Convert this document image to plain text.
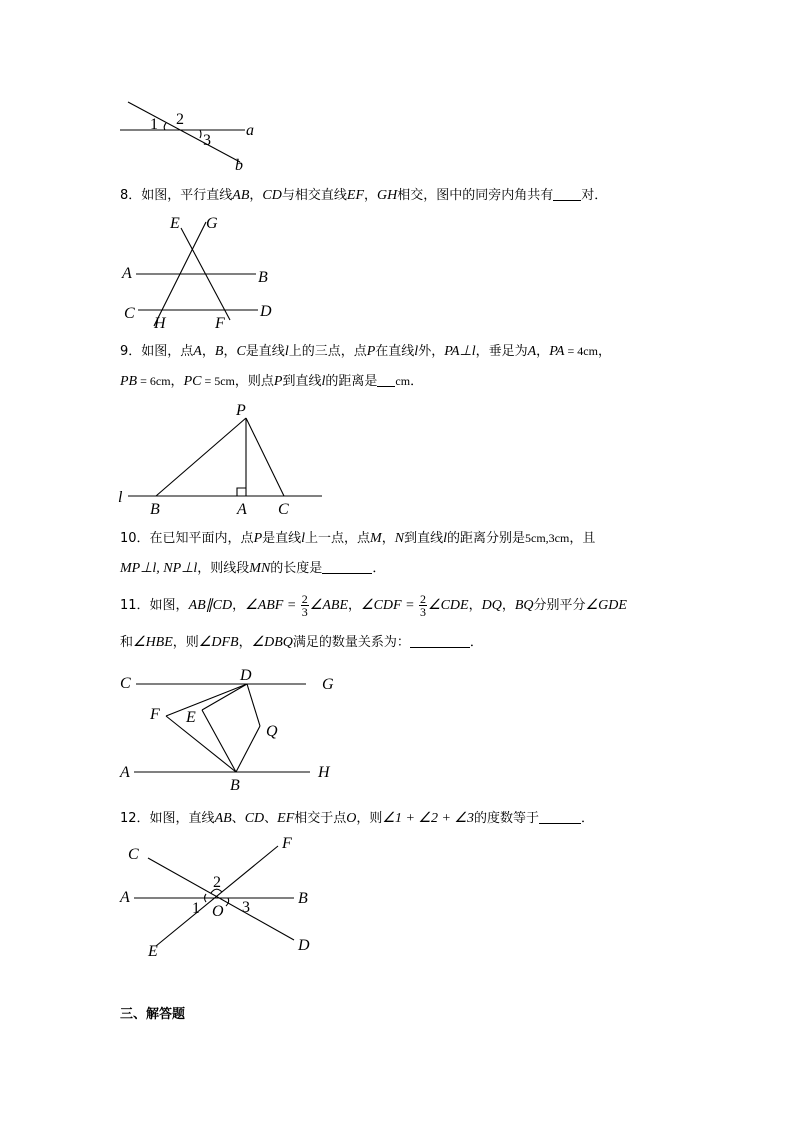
1 2
3
a
b
8．如图，平行直线AB，CD与相交直线EF，GH相交，图中的同旁内角共有 对．
E G
A	B
C	D
H	F
9．如图，点A，B，C是直线l上的三点，点P在直线l外，PA⊥l，垂足为A，PA = 4cm，
PB = 6cm，PC = 5cm，则点P到直线l的距离是 cm．
P
l
B	A C
10．在已知平面内，点P是直线l上一点，点M，N到直线l的距离分别是5cm,3cm，且
MP⊥l, NP⊥l，则线段MN的长度是	．
11．如图，AB∥CD，∠ABF = $\frac{2}{3}$ ∠ABE，∠CDF = $\frac{2}{3}$ ∠CDE，DQ，BQ分别平分∠GDE
和∠HBE，则∠DFB，∠DBQ满足的数量关系为：	．
C	D
G
F E
Q
A
B
H
12．如图，直线AB、CD、EF相交于点O，则∠1 + ∠2 + ∠3的度数等于	．
C
F
A	B
2
1 O 3
E	D
三、解答题
